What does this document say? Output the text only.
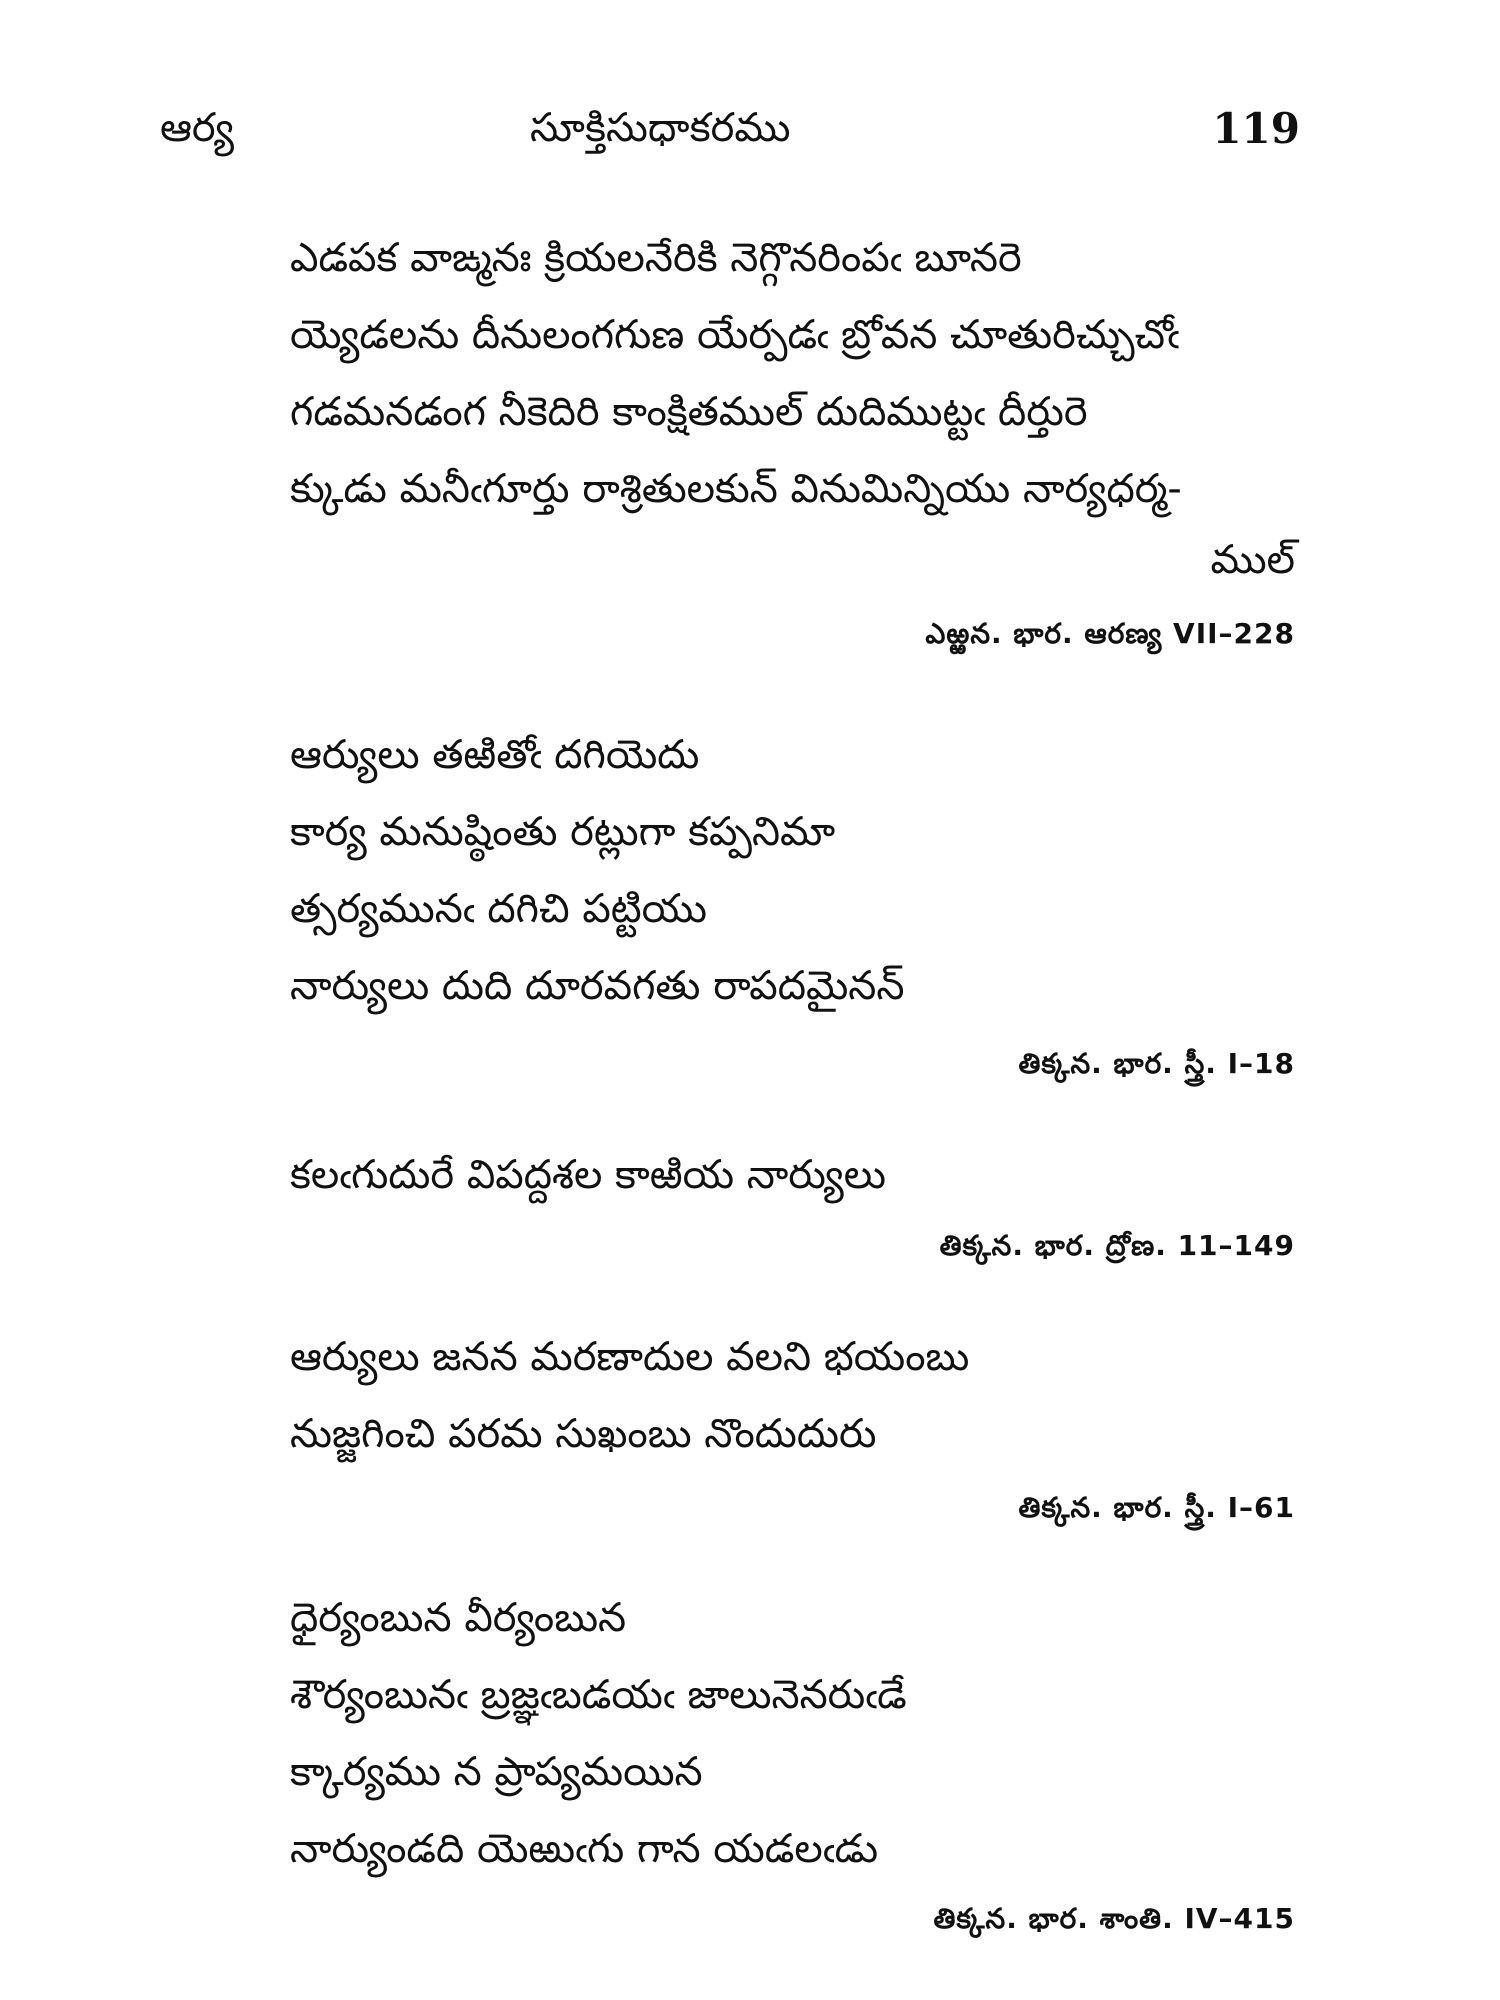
ఆర్య	సూక్తిసుధాకరము	119
ఎడపక వాఙ్మనః క్రియలనేరికి నెగ్గొనరింపఁ బూనరె
య్యెడలను దీనులంగగుణ యేర్పడఁ బ్రోవన చూతురిచ్చుచోఁ
గడమనడంగ నీకెదిరి కాంక్షితముల్ దుదిముట్టఁ దీర్తురె
క్కుడు మనీఁగూర్తు రాశ్రితులకున్ వినుమిన్నియు నార్యధర్మ-
ముల్
ఎఱ్ఱన. భార. ఆరణ్య VII–228
ఆర్యులు తఱితోఁ దగియెదు
కార్య మనుష్ఠింతు రట్లుగా కప్పనిమా
త్సర్యమునఁ దగిచి పట్టియు
నార్యులు దుది దూరవగతు రాపదమైనన్
తిక్కన. భార. స్త్రీ. I–18
కలఁగుదురే విపద్దశల కాఱియ నార్యులు
తిక్కన. భార. ద్రోణ. 11–149
ఆర్యులు జనన మరణాదుల వలని భయంబు
నుజ్జగించి పరమ సుఖంబు నొందుదురు
తిక్కన. భార. స్త్రీ. I–61
ధైర్యంబున వీర్యంబున
శౌర్యంబునఁ బ్రజ్ఞఁబడయఁ జాలునెనరుఁడే
క్కార్యము న ప్రాప్యమయిన
నార్యుండది యెఱుఁగు గాన యడలఁడు
తిక్కన. భార. శాంతి. IV–415
